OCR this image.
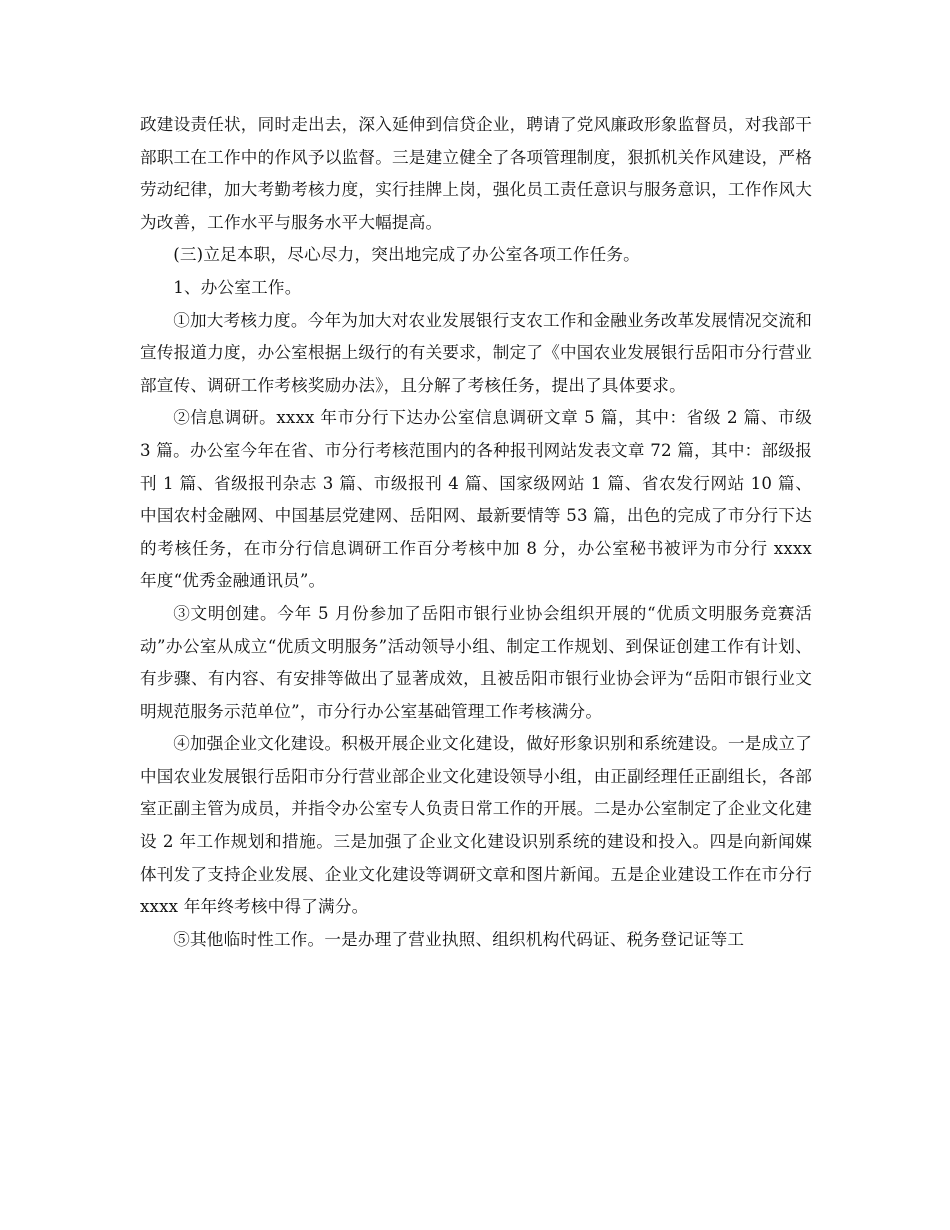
政建设责任状，同时走出去，深入延伸到信贷企业，聘请了党风廉政形象监督员，对我部干部职工在工作中的作风予以监督。三是建立健全了各项管理制度，狠抓机关作风建设，严格劳动纪律，加大考勤考核力度，实行挂牌上岗，强化员工责任意识与服务意识，工作作风大为改善，工作水平与服务水平大幅提高。

(三)立足本职，尽心尽力，突出地完成了办公室各项工作任务。

1、办公室工作。

①加大考核力度。今年为加大对农业发展银行支农工作和金融业务改革发展情况交流和宣传报道力度，办公室根据上级行的有关要求，制定了《中国农业发展银行岳阳市分行营业部宣传、调研工作考核奖励办法》，且分解了考核任务，提出了具体要求。

②信息调研。xxxx 年市分行下达办公室信息调研文章 5 篇，其中：省级 2 篇、市级 3 篇。办公室今年在省、市分行考核范围内的各种报刊网站发表文章 72 篇，其中：部级报刊 1 篇、省级报刊杂志 3 篇、市级报刊 4 篇、国家级网站 1 篇、省农发行网站 10 篇、中国农村金融网、中国基层党建网、岳阳网、最新要情等 53 篇，出色的完成了市分行下达的考核任务，在市分行信息调研工作百分考核中加 8 分，办公室秘书被评为市分行 xxxx 年度“优秀金融通讯员”。

③文明创建。今年 5 月份参加了岳阳市银行业协会组织开展的“优质文明服务竞赛活动”办公室从成立“优质文明服务”活动领导小组、制定工作规划、到保证创建工作有计划、有步骤、有内容、有安排等做出了显著成效，且被岳阳市银行业协会评为“岳阳市银行业文明规范服务示范单位”，市分行办公室基础管理工作考核满分。

④加强企业文化建设。积极开展企业文化建设，做好形象识别和系统建设。一是成立了中国农业发展银行岳阳市分行营业部企业文化建设领导小组，由正副经理任正副组长，各部室正副主管为成员，并指令办公室专人负责日常工作的开展。二是办公室制定了企业文化建设 2 年工作规划和措施。三是加强了企业文化建设识别系统的建设和投入。四是向新闻媒体刊发了支持企业发展、企业文化建设等调研文章和图片新闻。五是企业建设工作在市分行 xxxx 年年终考核中得了满分。

⑤其他临时性工作。一是办理了营业执照、组织机构代码证、税务登记证等工
